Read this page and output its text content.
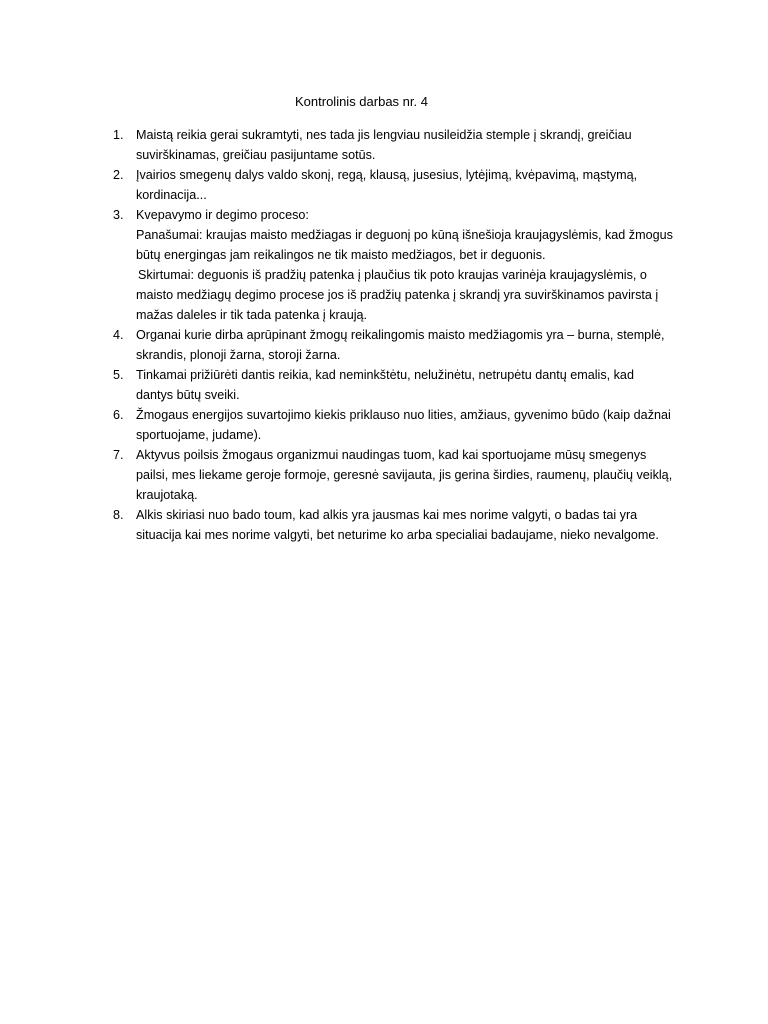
Kontrolinis darbas nr. 4
1. Maistą reikia gerai sukramtyti, nes tada jis lengviau nusileidžia stemple į skrandį, greičiau
suvirškinamas, greičiau pasijuntame sotūs.
2. Įvairios smegenų dalys valdo skonį, regą, klausą, jusesius, lytėjimą, kvėpavimą, mąstymą,
kordinacija...
3. Kvepavymo ir degimo proceso:
Panašumai: kraujas maisto medžiagas ir deguonį po kūną išnešioja kraujagyslėmis, kad žmogus
būtų energingas jam reikalingos ne tik maisto medžiagos, bet ir deguonis.
Skirtumai: deguonis iš pradžių patenka į plaučius tik poto kraujas varinėja kraujagyslėmis, o
maisto medžiagų degimo procese jos iš pradžių patenka į skrandį yra suvirškinamos pavirsta į
mažas daleles ir tik tada patenka į kraują.
4. Organai kurie dirba aprūpinant žmogų reikalingomis maisto medžiagomis yra – burna, stemplė,
skrandis, plonoji žarna, storoji žarna.
5. Tinkamai prižiūrėti dantis reikia, kad neminkštėtu, nelužinėtu, netrupėtu dantų emalis, kad
dantys būtų sveiki.
6. Žmogaus energijos suvartojimo kiekis priklauso nuo lities, amžiaus, gyvenimo būdo (kaip dažnai
sportuojame, judame).
7. Aktyvus poilsis žmogaus organizmui naudingas tuom, kad kai sportuojame mūsų smegenys
pailsi, mes liekame geroje formoje, geresnė savijauta, jis gerina širdies, raumenų, plaučių veiklą,
kraujotaką.
8. Alkis skiriasi nuo bado toum, kad alkis yra jausmas kai mes norime valgyti, o badas tai yra
situacija kai mes norime valgyti, bet neturime ko arba specialiai badaujame, nieko nevalgome.
